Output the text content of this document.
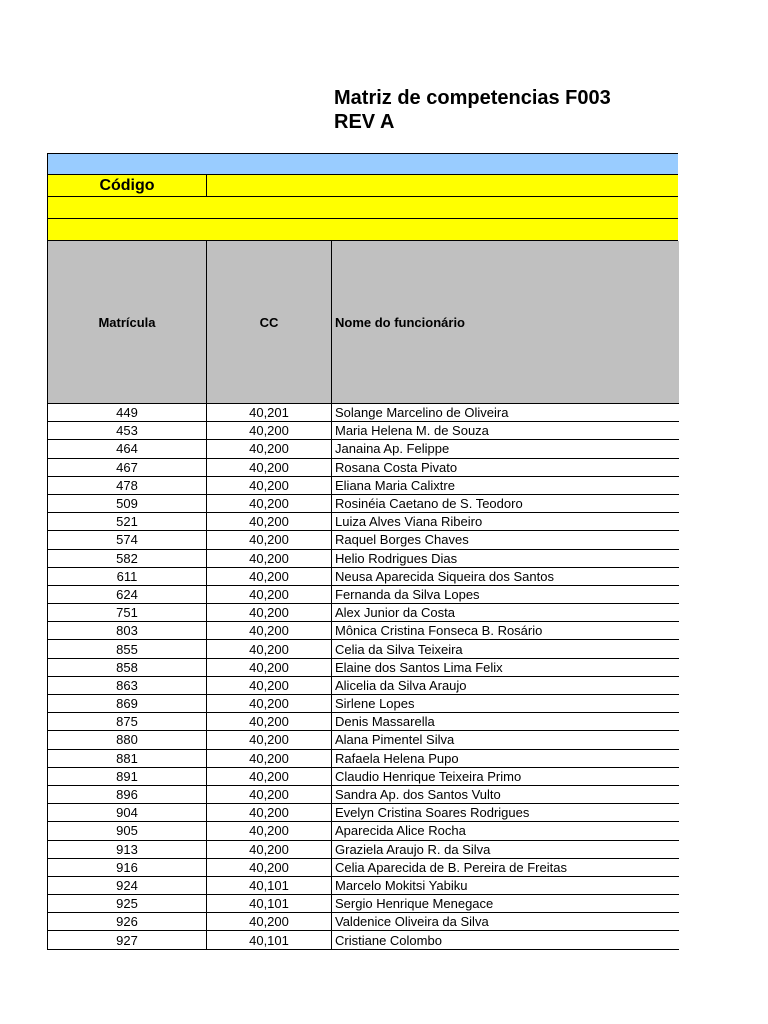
Matriz de competencias F003
REV A
Código
Matrícula	CC	Nome do funcionário
449	40,201	Solange Marcelino de Oliveira
453	40,200	Maria Helena M. de Souza
464	40,200	Janaina Ap. Felippe
467	40,200	Rosana Costa Pivato
478	40,200	Eliana Maria Calixtre
509	40,200	Rosinéia Caetano de S. Teodoro
521	40,200	Luiza Alves Viana Ribeiro
574	40,200	Raquel Borges Chaves
582	40,200	Helio Rodrigues Dias
611	40,200	Neusa Aparecida Siqueira dos Santos
624	40,200	Fernanda da Silva Lopes
751	40,200	Alex Junior da Costa
803	40,200	Mônica Cristina Fonseca B. Rosário
855	40,200	Celia da Silva Teixeira
858	40,200	Elaine dos Santos Lima Felix
863	40,200	Alicelia da Silva Araujo
869	40,200	Sirlene Lopes
875	40,200	Denis Massarella
880	40,200	Alana Pimentel Silva
881	40,200	Rafaela Helena Pupo
891	40,200	Claudio Henrique Teixeira Primo
896	40,200	Sandra Ap. dos Santos Vulto
904	40,200	Evelyn Cristina Soares Rodrigues
905	40,200	Aparecida Alice Rocha
913	40,200	Graziela Araujo R. da Silva
916	40,200	Celia Aparecida de B. Pereira de Freitas
924	40,101	Marcelo Mokitsi Yabiku
925	40,101	Sergio Henrique Menegace
926	40,200	Valdenice Oliveira da Silva
927	40,101	Cristiane Colombo
